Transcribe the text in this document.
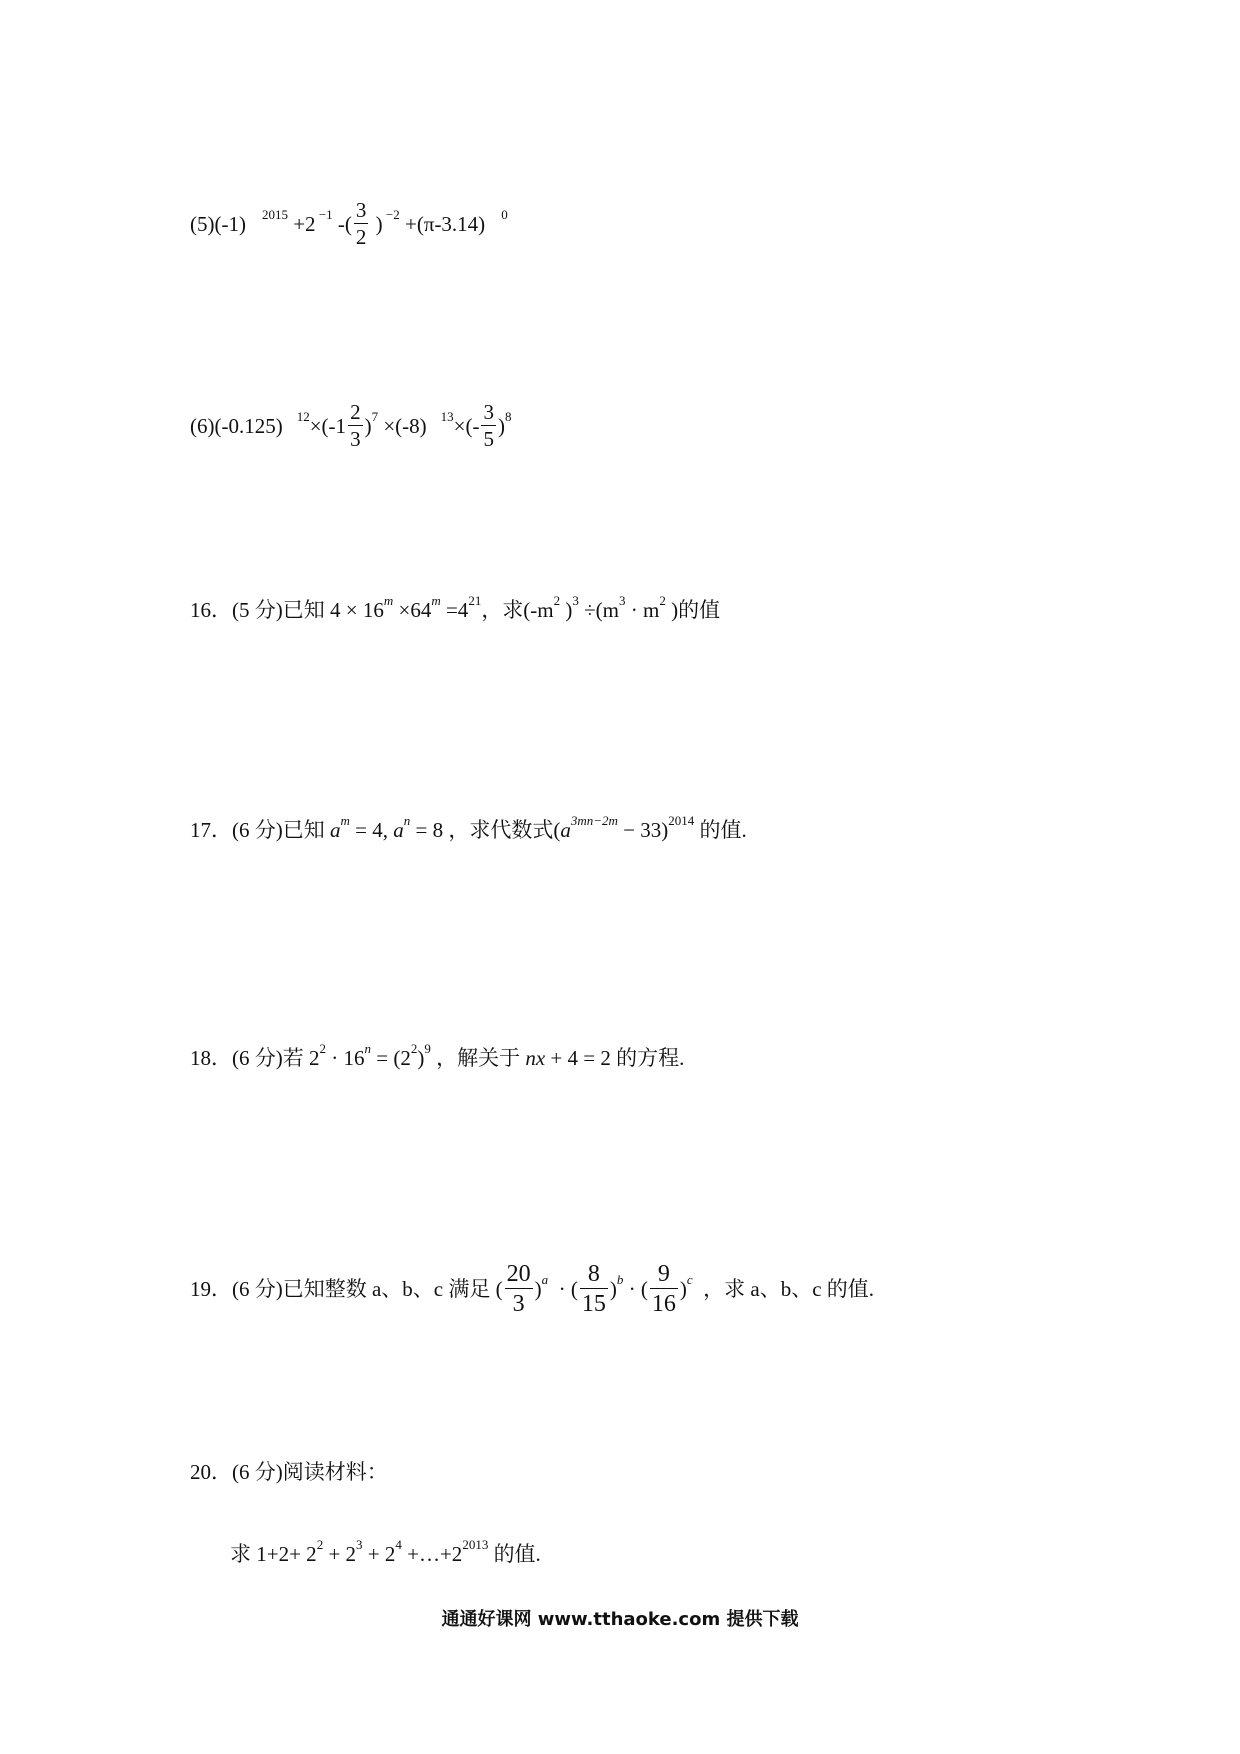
(5)(-1) 2015 +2 −1 -( $\frac{3}{2}$ ) −2 +(π-3.14) 0
(6)(-0.125) $12 \times(-1 \frac{2}{3}$ ) 7 ×(-8) 13 ×(- $\frac{3}{5}$ ) 8
16．(5 分)已知 4 × 16 m ×64 m =4 21 ，求(-m 2 ) 3 ÷(m 3 · m 2 )的值
17．(6 分)已知 a m = 4, a n = 8 ，求代数式( a 3mn−2m − 33) 2014 的值.
18．(6 分)若 2 2 · 16 n = (2 2 ) 9 ，解关于 nx + 4 = 2 的方程.
19．(6 分)已知整数 a、b、c 满足 ( $\frac{20}{3}$ ) a · ( $\frac{8}{15}$ ) b · ( $\frac{9}{16}$ ) c ，求 a、b、c 的值.
20．(6 分)阅读材料：
求 1+2+ 2 2 + 2 3 + 2 4 +…+2 2013 的值.
通通好课网 www.tthaoke.com 提供下载
